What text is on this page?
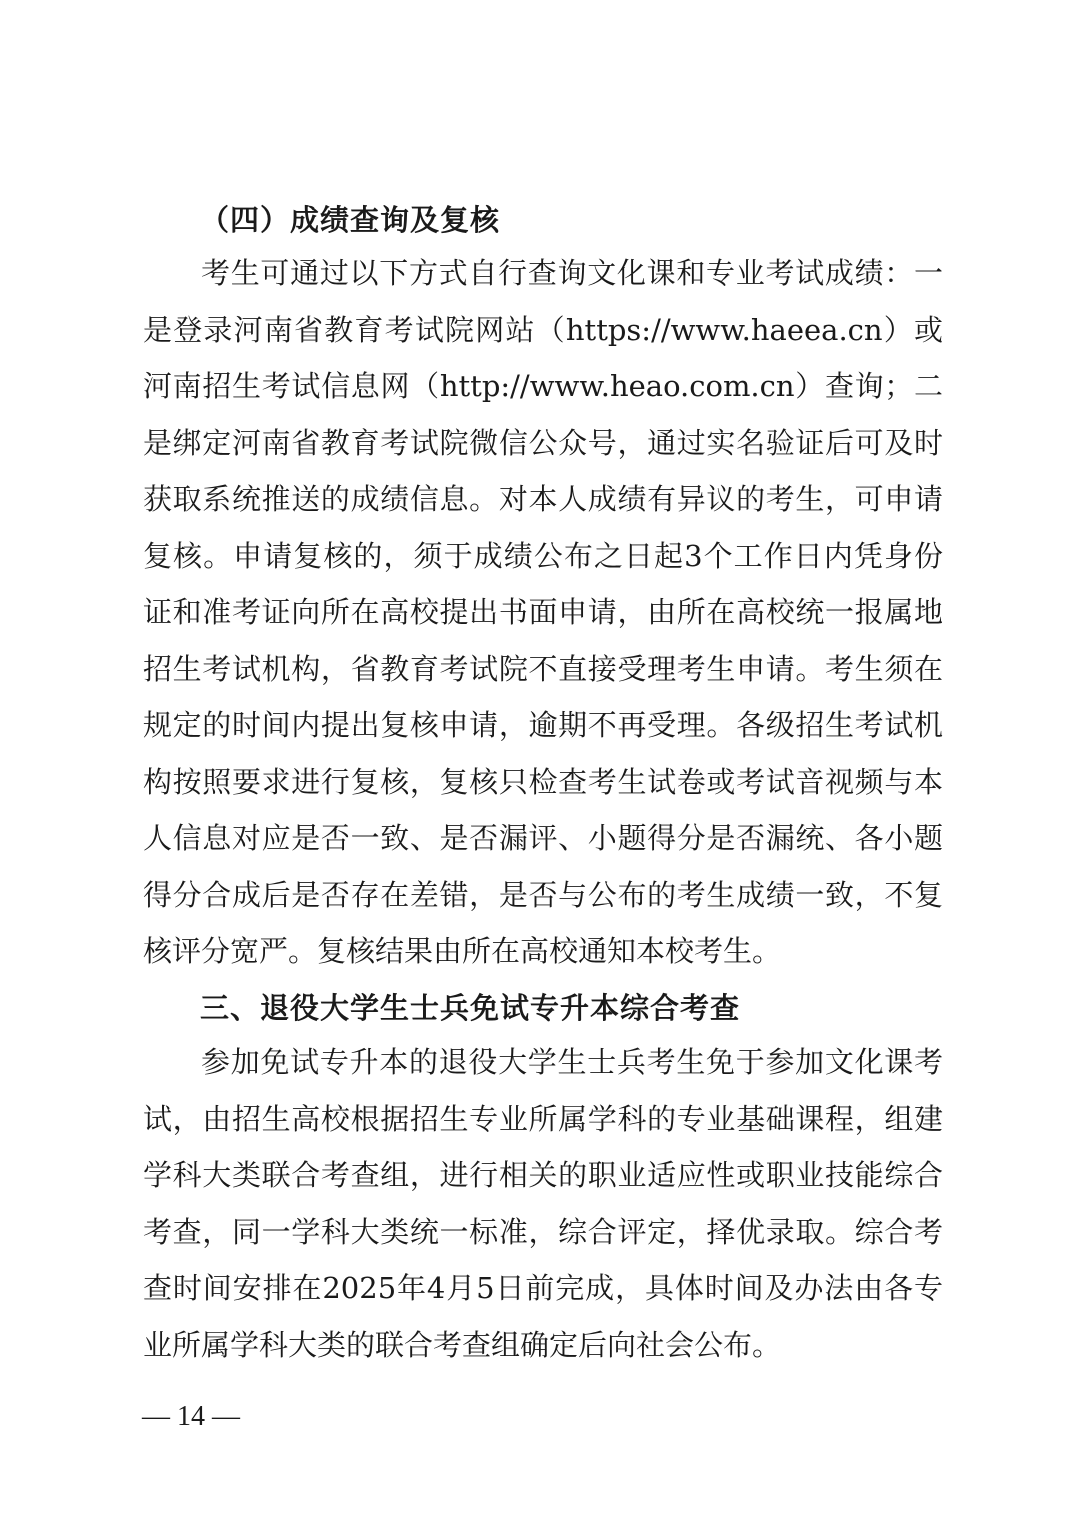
（四）成绩查询及复核

考生可通过以下方式自行查询文化课和专业考试成绩：一是登录河南省教育考试院网站（https://www.haeea.cn）或河南招生考试信息网（http://www.heao.com.cn）查询；二是绑定河南省教育考试院微信公众号，通过实名验证后可及时获取系统推送的成绩信息。对本人成绩有异议的考生，可申请复核。申请复核的，须于成绩公布之日起3个工作日内凭身份证和准考证向所在高校提出书面申请，由所在高校统一报属地招生考试机构，省教育考试院不直接受理考生申请。考生须在规定的时间内提出复核申请，逾期不再受理。各级招生考试机构按照要求进行复核，复核只检查考生试卷或考试音视频与本人信息对应是否一致、是否漏评、小题得分是否漏统、各小题得分合成后是否存在差错，是否与公布的考生成绩一致，不复核评分宽严。复核结果由所在高校通知本校考生。

三、退役大学生士兵免试专升本综合考查

参加免试专升本的退役大学生士兵考生免于参加文化课考试，由招生高校根据招生专业所属学科的专业基础课程，组建学科大类联合考查组，进行相关的职业适应性或职业技能综合考查，同一学科大类统一标准，综合评定，择优录取。综合考查时间安排在2025年4月5日前完成，具体时间及办法由各专业所属学科大类的联合考查组确定后向社会公布。

— 14 —
